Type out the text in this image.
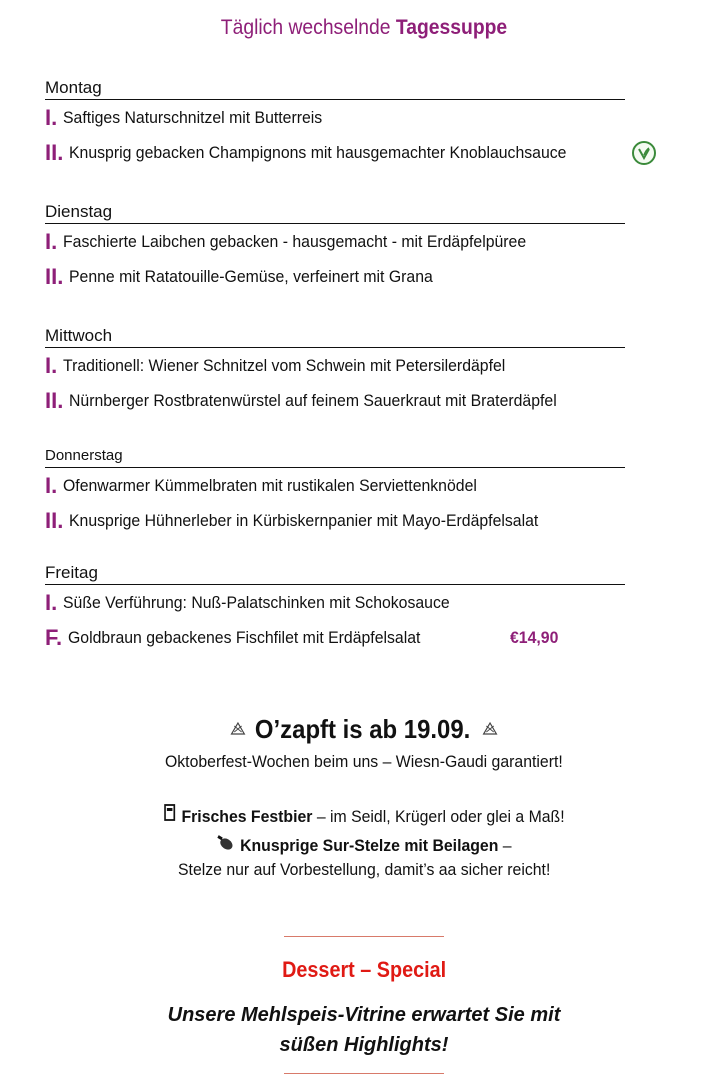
Täglich wechselnde Tagessuppe
Montag
I. Saftiges Naturschnitzel mit Butterreis
II. Knusprig gebacken Champignons mit hausgemachter Knoblauchsauce
Dienstag
I. Faschierte Laibchen gebacken - hausgemacht - mit Erdäpfelpüree
II. Penne mit Ratatouille-Gemüse, verfeinert mit Grana
Mittwoch
I. Traditionell: Wiener Schnitzel vom Schwein mit Petersilerdäpfel
II. Nürnberger Rostbratenwürstel auf feinem Sauerkraut mit Braterdäpfel
Donnerstag
I. Ofenwarmer Kümmelbraten mit rustikalen Serviettenknödel
II. Knusprige Hühnerleber in Kürbiskernpanier mit Mayo-Erdäpfelsalat
Freitag
I. Süße Verführung: Nuß-Palatschinken mit Schokosauce
F. Goldbraun gebackenes Fischfilet mit Erdäpfelsalat	€14,90
O’zapft is ab 19.09.
Oktoberfest-Wochen beim uns – Wiesn-Gaudi garantiert!
Frisches Festbier – im Seidl, Krügerl oder glei a Maß!
Knusprige Sur-Stelze mit Beilagen –
Stelze nur auf Vorbestellung, damit’s aa sicher reicht!
Dessert – Special
Unsere Mehlspeis-Vitrine erwartet Sie mit
süßen Highlights!
